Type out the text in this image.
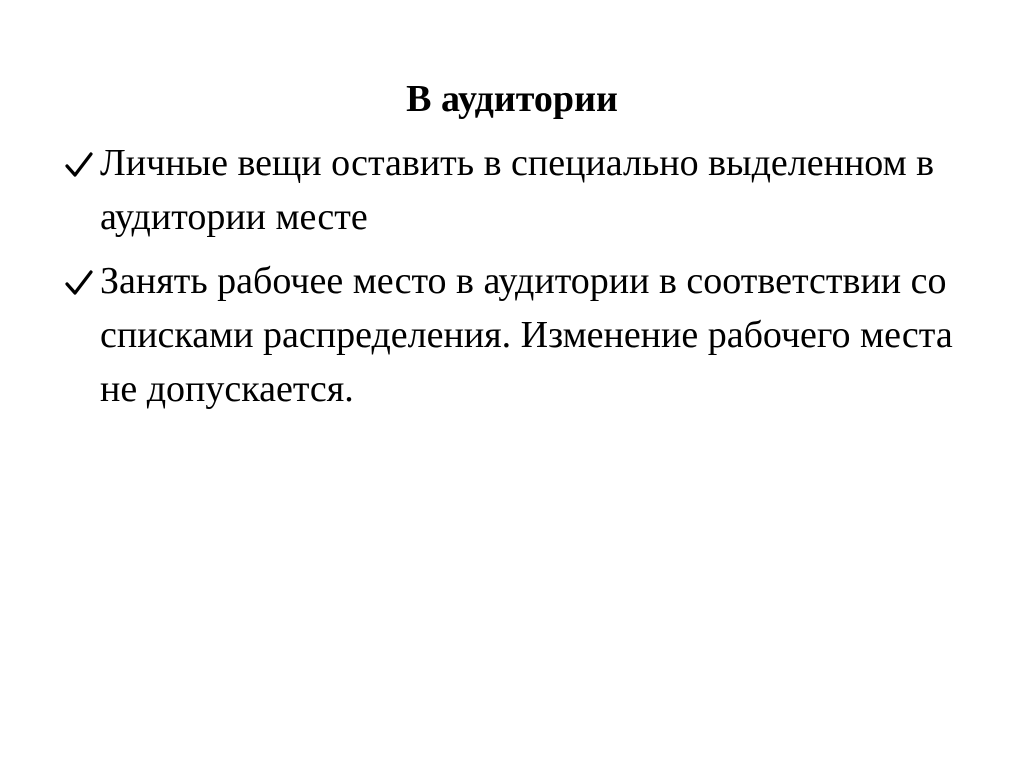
В аудитории
Личные вещи оставить в специально выделенном в аудитории месте
Занять рабочее место в аудитории в соответствии со списками распределения. Изменение рабочего места не допускается.
